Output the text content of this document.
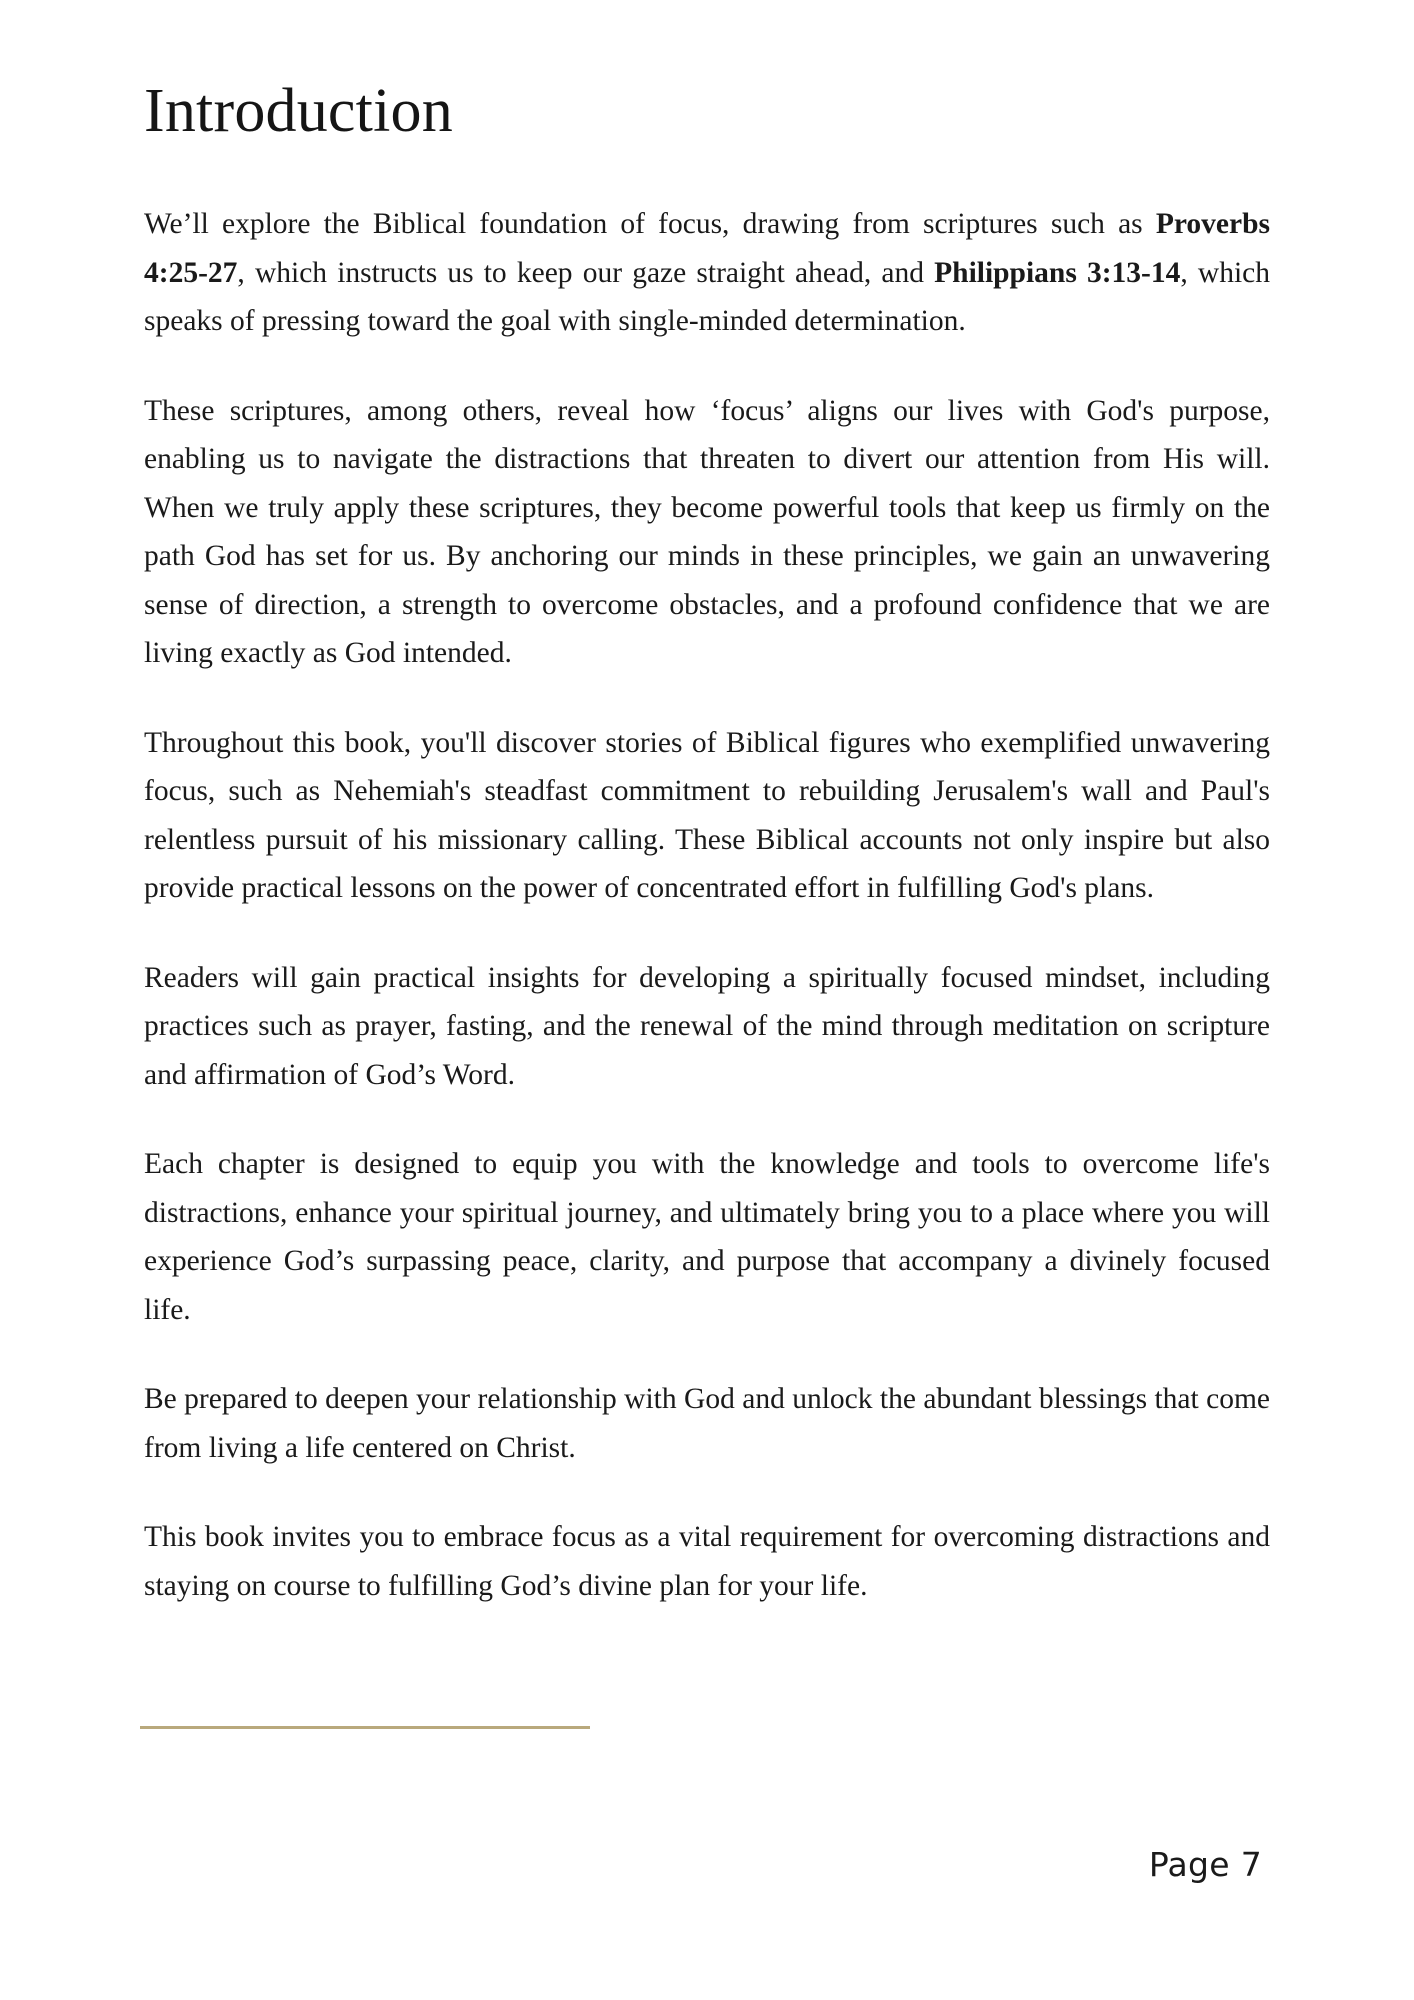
Introduction

We’ll explore the Biblical foundation of focus, drawing from scriptures such as Proverbs 4:25-27, which instructs us to keep our gaze straight ahead, and Philippians 3:13-14, which speaks of pressing toward the goal with single-minded determination.

These scriptures, among others, reveal how ‘focus’ aligns our lives with God's purpose, enabling us to navigate the distractions that threaten to divert our attention from His will. When we truly apply these scriptures, they become powerful tools that keep us firmly on the path God has set for us. By anchoring our minds in these principles, we gain an unwavering sense of direction, a strength to overcome obstacles, and a profound confidence that we are living exactly as God intended.

Throughout this book, you'll discover stories of Biblical figures who exemplified unwavering focus, such as Nehemiah's steadfast commitment to rebuilding Jerusalem's wall and Paul's relentless pursuit of his missionary calling. These Biblical accounts not only inspire but also provide practical lessons on the power of concentrated effort in fulfilling God's plans.

Readers will gain practical insights for developing a spiritually focused mindset, including practices such as prayer, fasting, and the renewal of the mind through meditation on scripture and affirmation of God’s Word.

Each chapter is designed to equip you with the knowledge and tools to overcome life's distractions, enhance your spiritual journey, and ultimately bring you to a place where you will experience God’s surpassing peace, clarity, and purpose that accompany a divinely focused life.

Be prepared to deepen your relationship with God and unlock the abundant blessings that come from living a life centered on Christ.

This book invites you to embrace focus as a vital requirement for overcoming distractions and staying on course to fulfilling God’s divine plan for your life.

Page 7
